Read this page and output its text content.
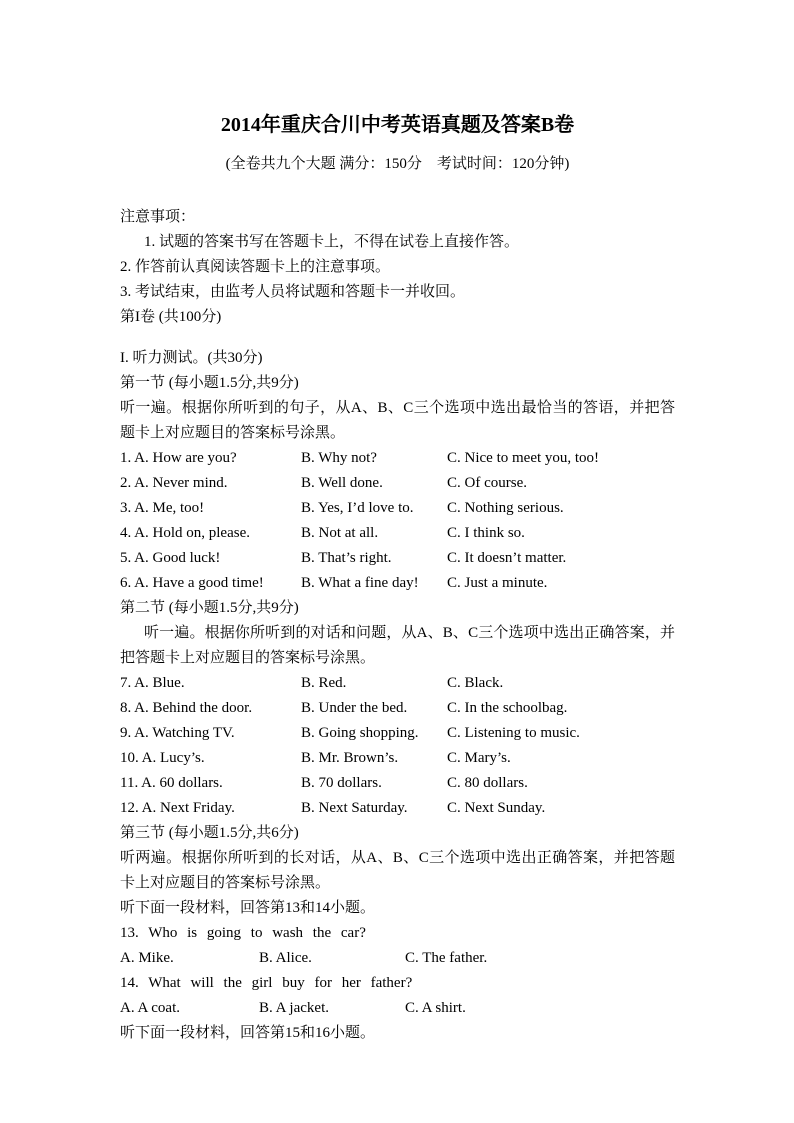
2014年重庆合川中考英语真题及答案B卷
(全卷共九个大题 满分：150分　考试时间：120分钟)

注意事项：

1. 试题的答案书写在答题卡上，不得在试卷上直接作答。

2. 作答前认真阅读答题卡上的注意事项。

3. 考试结束，由监考人员将试题和答题卡一并收回。

第I卷 (共100分)

I. 听力测试。(共30分)

第一节 (每小题1.5分,共9分)

听一遍。根据你所听到的句子，从A、B、C三个选项中选出最恰当的答语，并把答题卡上对应题目的答案标号涂黑。

1. A. How are you?	B. Why not?	C. Nice to meet you, too!
2. A. Never mind.	B. Well done.	C. Of course.
3. A. Me, too!	B. Yes, I’d love to.	C. Nothing serious.
4. A. Hold on, please.	B. Not at all.	C. I think so.
5. A. Good luck!	B. That’s right.	C. It doesn’t matter.
6. A. Have a good time!	B. What a fine day!	C. Just a minute.

第二节 (每小题1.5分,共9分)

听一遍。根据你所听到的对话和问题，从A、B、C三个选项中选出正确答案，并把答题卡上对应题目的答案标号涂黑。

7. A. Blue.	B. Red.	C. Black.
8. A. Behind the door.	B. Under the bed.	C. In the schoolbag.
9. A. Watching TV.	B. Going shopping.	C. Listening to music.
10. A. Lucy’s.	B. Mr. Brown’s.	C. Mary’s.
11. A. 60 dollars.	B. 70 dollars.	C. 80 dollars.
12. A. Next Friday.	B. Next Saturday.	C. Next Sunday.

第三节 (每小题1.5分,共6分)

听两遍。根据你所听到的长对话，从A、B、C三个选项中选出正确答案，并把答题卡上对应题目的答案标号涂黑。

听下面一段材料，回答第13和14小题。

13. Who is going to wash the car?

A. Mike.	B. Alice.	C. The father.

14. What will the girl buy for her father?

A. A coat.	B. A jacket.	C. A shirt.

听下面一段材料，回答第15和16小题。
